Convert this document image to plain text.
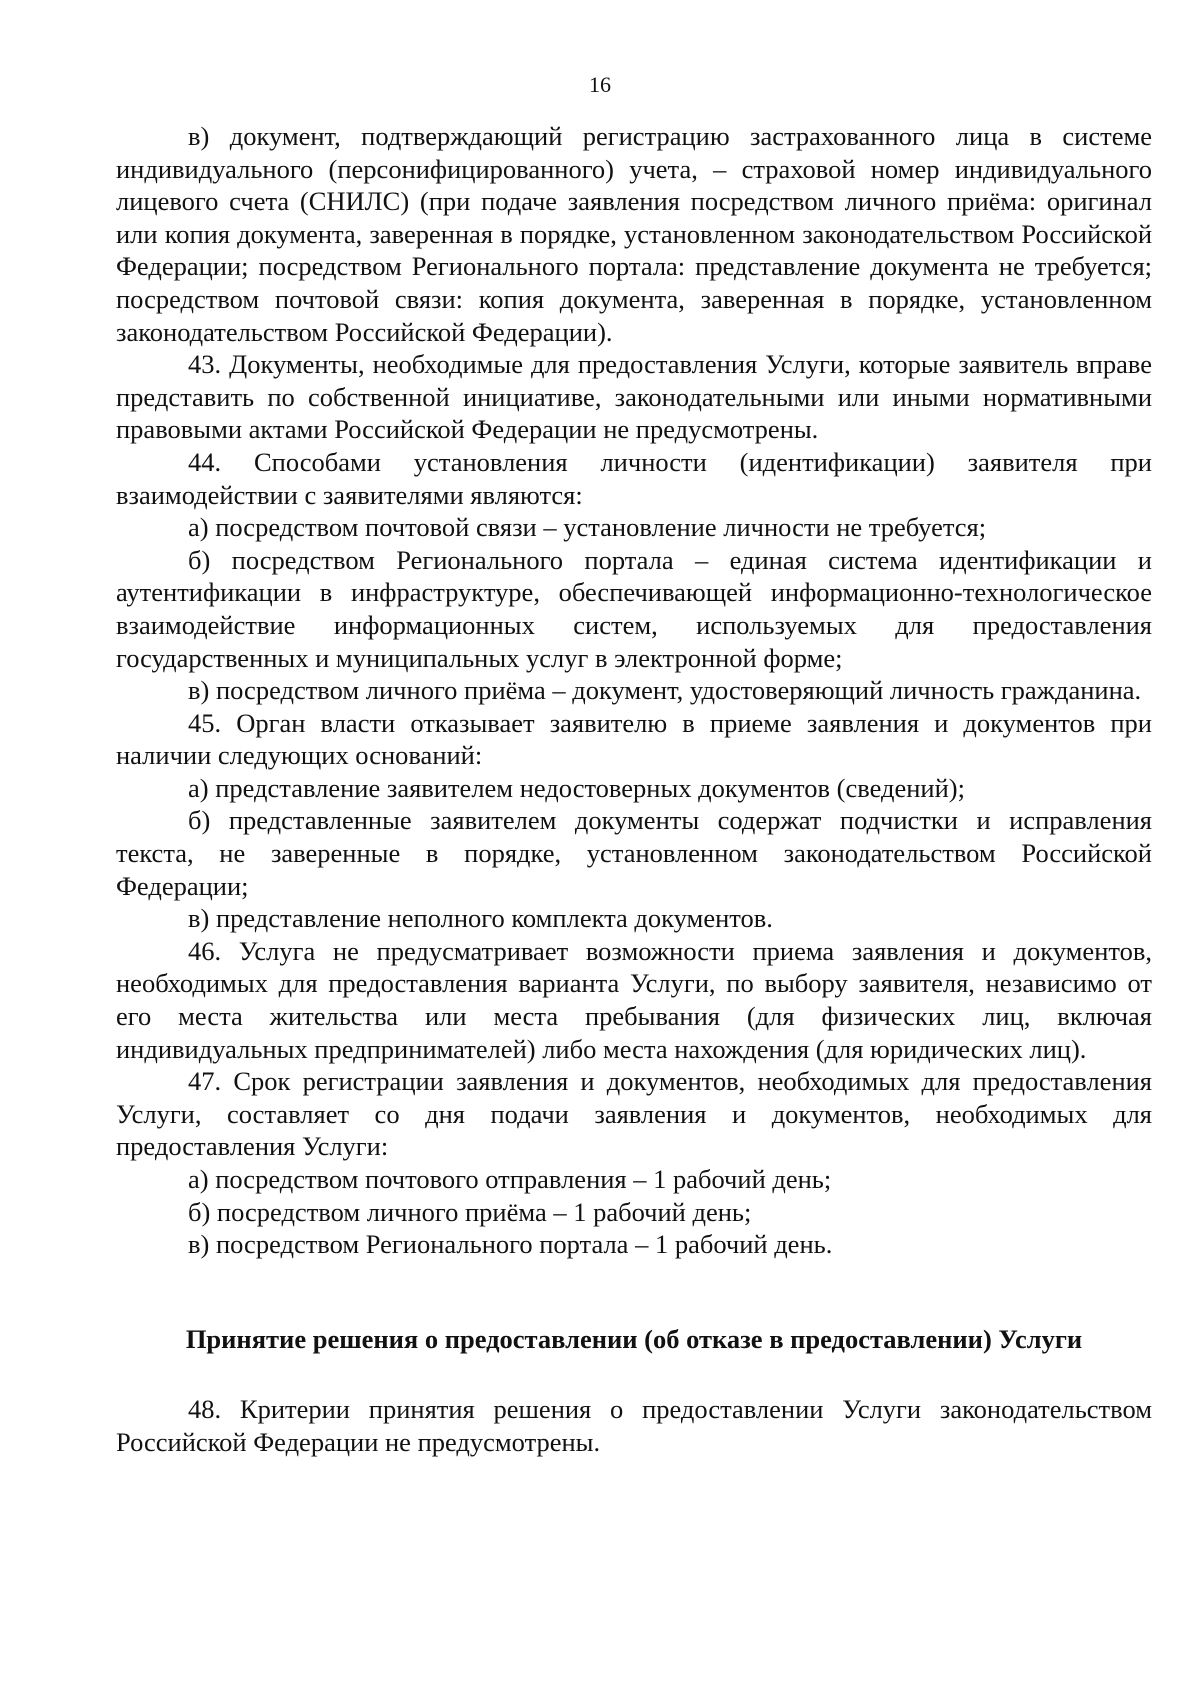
16

в) документ, подтверждающий регистрацию застрахованного лица в системе индивидуального (персонифицированного) учета, – страховой номер индивидуального лицевого счета (СНИЛС) (при подаче заявления посредством личного приёма: оригинал или копия документа, заверенная в порядке, установленном законодательством Российской Федерации; посредством Регионального портала: представление документа не требуется; посредством почтовой связи: копия документа, заверенная в порядке, установленном законодательством Российской Федерации).

43. Документы, необходимые для предоставления Услуги, которые заявитель вправе представить по собственной инициативе, законодательными или иными нормативными правовыми актами Российской Федерации не предусмотрены.

44. Способами установления личности (идентификации) заявителя при взаимодействии с заявителями являются:

а) посредством почтовой связи – установление личности не требуется;

б) посредством Регионального портала – единая система идентификации и аутентификации в инфраструктуре, обеспечивающей информационно-технологическое взаимодействие информационных систем, используемых для предоставления государственных и муниципальных услуг в электронной форме;

в) посредством личного приёма – документ, удостоверяющий личность гражданина.

45. Орган власти отказывает заявителю в приеме заявления и документов при наличии следующих оснований:

а) представление заявителем недостоверных документов (сведений);

б) представленные заявителем документы содержат подчистки и исправления текста, не заверенные в порядке, установленном законодательством Российской Федерации;

в) представление неполного комплекта документов.

46. Услуга не предусматривает возможности приема заявления и документов, необходимых для предоставления варианта Услуги, по выбору заявителя, независимо от его места жительства или места пребывания (для физических лиц, включая индивидуальных предпринимателей) либо места нахождения (для юридических лиц).

47. Срок регистрации заявления и документов, необходимых для предоставления Услуги, составляет со дня подачи заявления и документов, необходимых для предоставления Услуги:

а) посредством почтового отправления – 1 рабочий день;

б) посредством личного приёма – 1 рабочий день;

в) посредством Регионального портала – 1 рабочий день.

Принятие решения о предоставлении (об отказе в предоставлении) Услуги

48. Критерии принятия решения о предоставлении Услуги законодательством Российской Федерации не предусмотрены.
